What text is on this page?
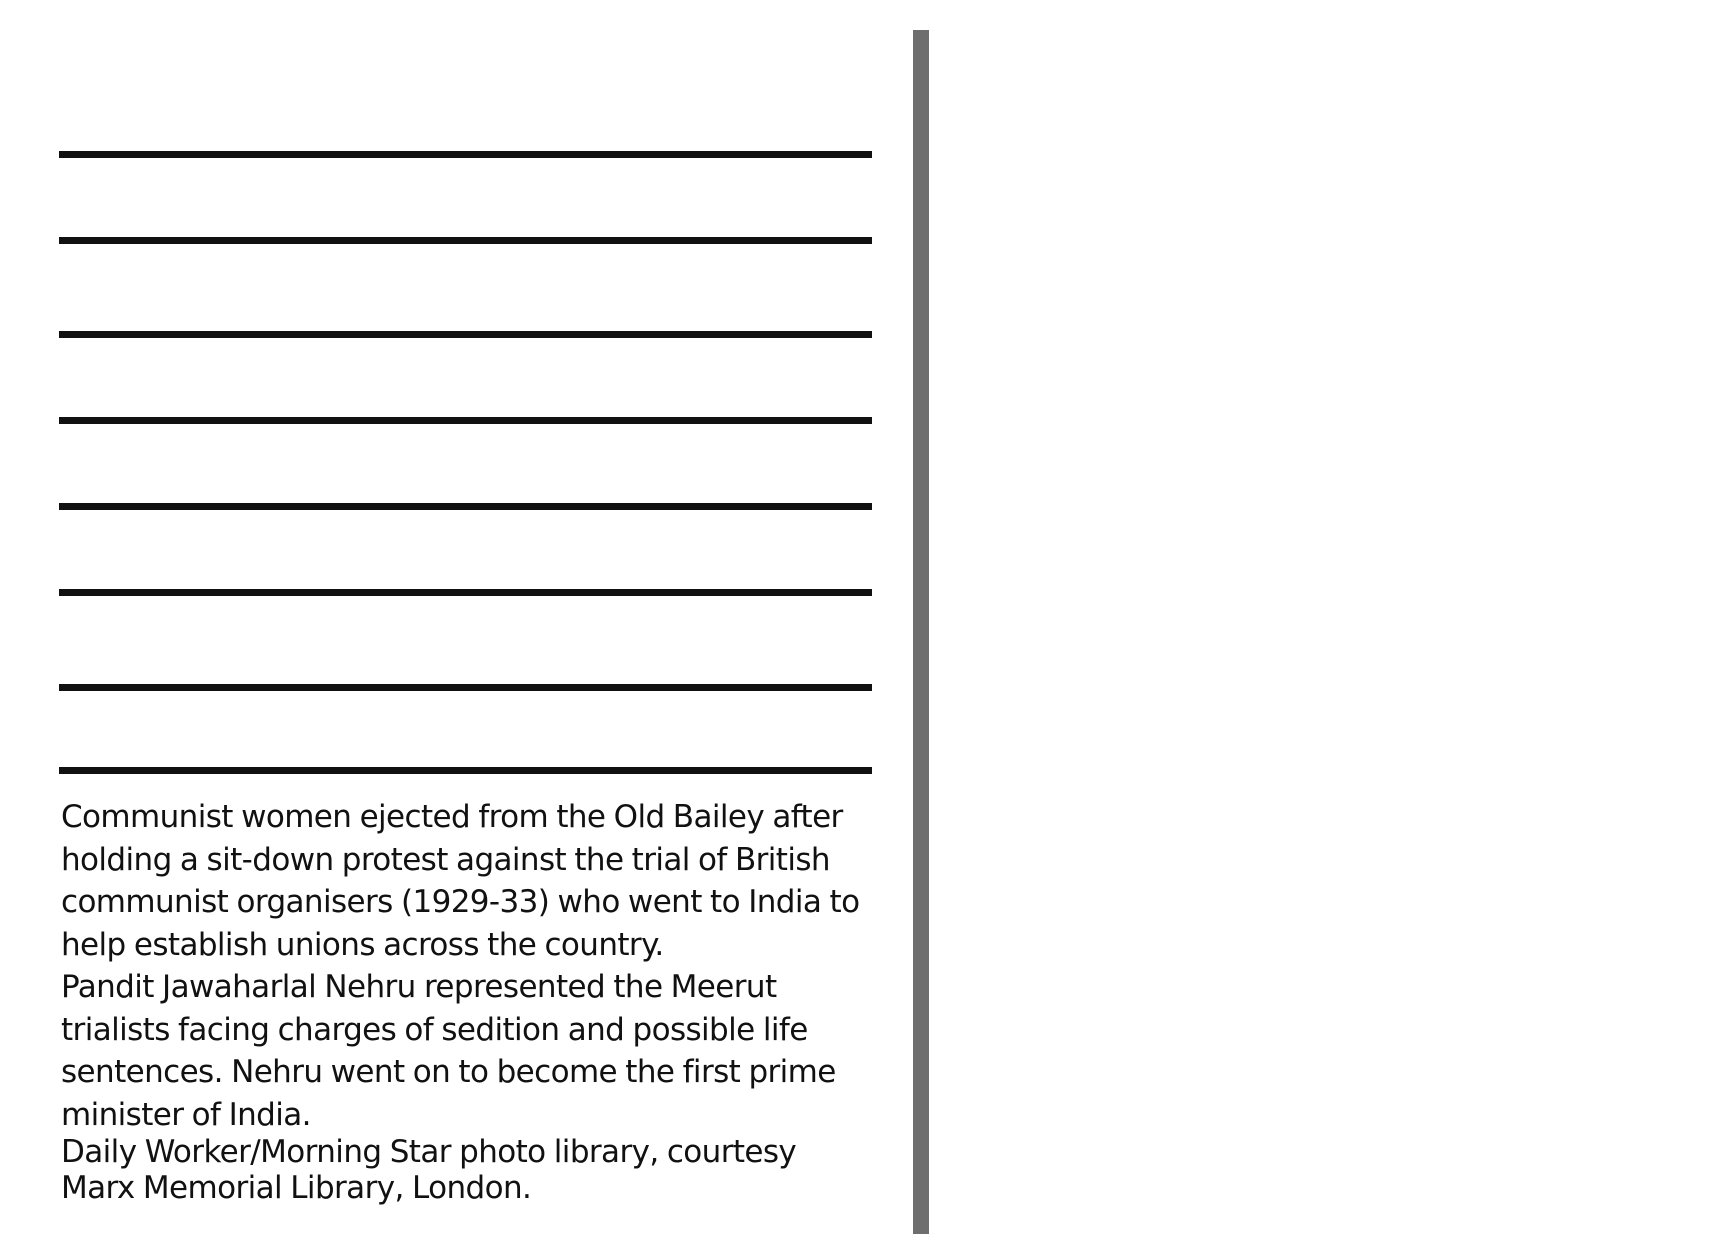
Communist women ejected from the Old Bailey after holding a sit-down protest against the trial of British communist organisers (1929-33) who went to India to help establish unions across the country.

Pandit Jawaharlal Nehru represented the Meerut trialists facing charges of sedition and possible life sentences. Nehru went on to become the first prime minister of India.

Daily Worker/Morning Star photo library, courtesy

Marx Memorial Library, London.
